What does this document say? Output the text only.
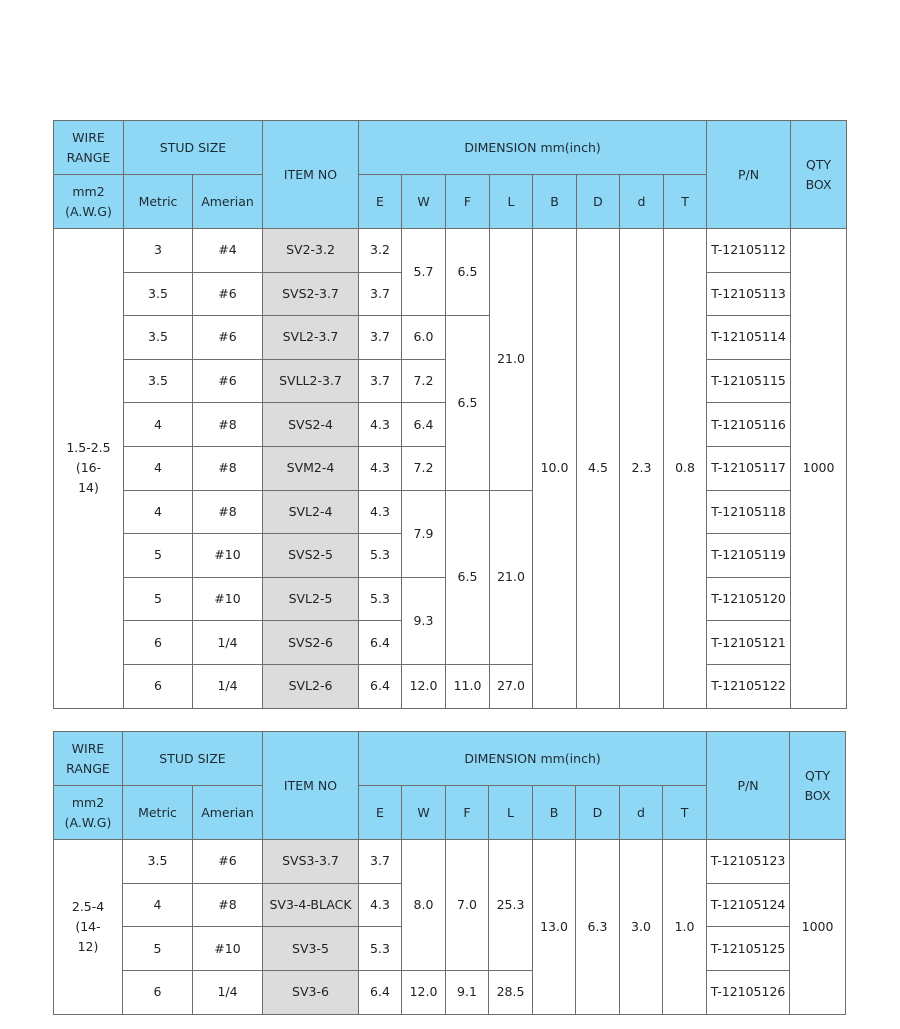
WIRE RANGE	STUD SIZE		ITEM NO	DIMENSION mm(inch)								P/N	QTY BOX
mm2 (A.W.G)	Metric	Amerian		E	W	F	L	B	D	d	T		
1.5-2.5 (16-14)	3	#4	SV2-3.2	3.2	5.7	6.5	21.0	10.0	4.5	2.3	0.8	T-12105112	1000
	3.5	#6	SVS2-3.7	3.7								T-12105113	
	3.5	#6	SVL2-3.7	3.7	6.0	6.5						T-12105114	
	3.5	#6	SVLL2-3.7	3.7	7.2							T-12105115	
	4	#8	SVS2-4	4.3	6.4							T-12105116	
	4	#8	SVM2-4	4.3	7.2							T-12105117	
	4	#8	SVL2-4	4.3	7.9	6.5	21.0					T-12105118	
	5	#10	SVS2-5	5.3								T-12105119	
	5	#10	SVL2-5	5.3	9.3							T-12105120	
	6	1/4	SVS2-6	6.4								T-12105121	
	6	1/4	SVL2-6	6.4	12.0	11.0	27.0					T-12105122	
WIRE RANGE	STUD SIZE		ITEM NO	DIMENSION mm(inch)								P/N	QTY BOX
mm2 (A.W.G)	Metric	Amerian		E	W	F	L	B	D	d	T		
2.5-4 (14-12)	3.5	#6	SVS3-3.7	3.7	8.0	7.0	25.3	13.0	6.3	3.0	1.0	T-12105123	1000
	4	#8	SV3-4-BLACK	4.3								T-12105124	
	5	#10	SV3-5	5.3								T-12105125	
	6	1/4	SV3-6	6.4	12.0	9.1	28.5					T-12105126	
